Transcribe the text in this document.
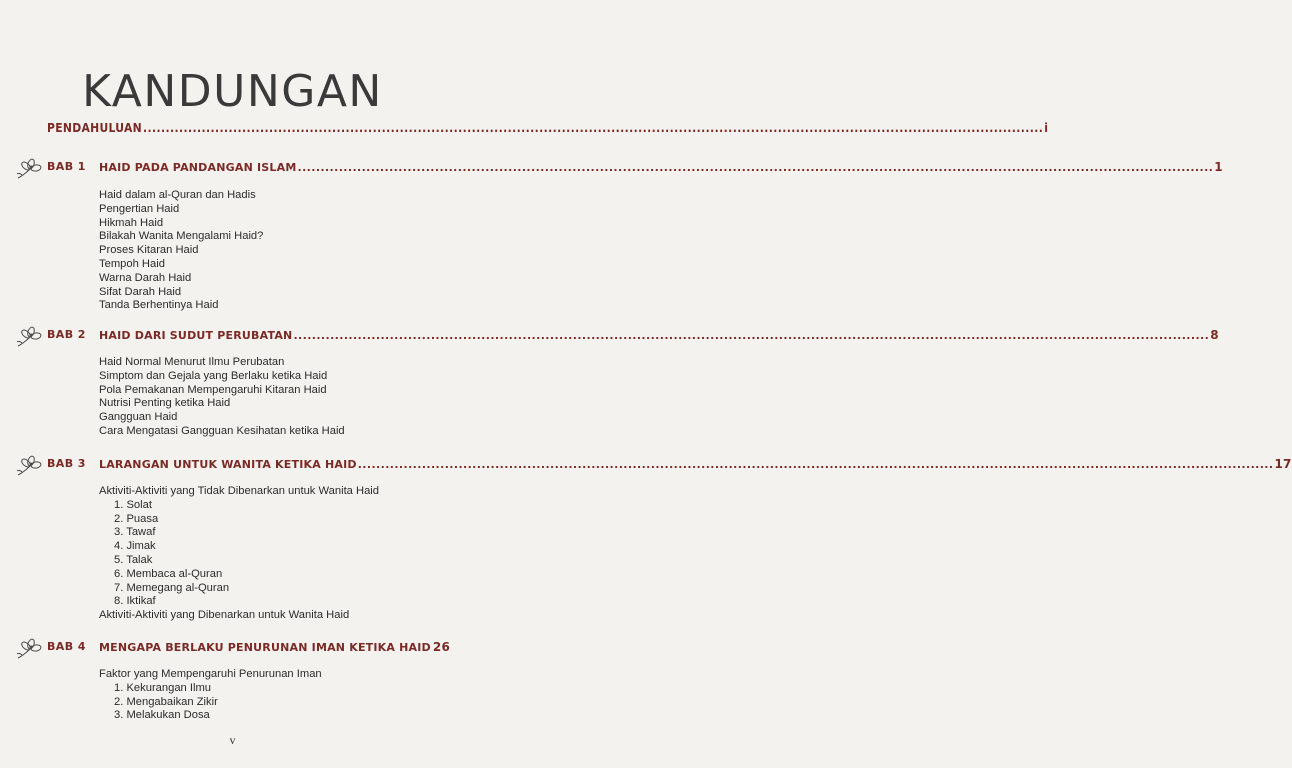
KANDUNGAN
PENDAHULUAN ........................................................................................................................................................................................................ i
BAB 1 HAID PADA PANDANGAN ISLAM ........................................................................................................................................................................................................ 1
Haid dalam al-Quran dan Hadis
Pengertian Haid
Hikmah Haid
Bilakah Wanita Mengalami Haid?
Proses Kitaran Haid
Tempoh Haid
Warna Darah Haid
Sifat Darah Haid
Tanda Berhentinya Haid
BAB 2 HAID DARI SUDUT PERUBATAN ........................................................................................................................................................................................................ 8
Haid Normal Menurut Ilmu Perubatan
Simptom dan Gejala yang Berlaku ketika Haid
Pola Pemakanan Mempengaruhi Kitaran Haid
Nutrisi Penting ketika Haid
Gangguan Haid
Cara Mengatasi Gangguan Kesihatan ketika Haid
BAB 3 LARANGAN UNTUK WANITA KETIKA HAID ........................................................................................................................................................................................................ 17
Aktiviti-Aktiviti yang Tidak Dibenarkan untuk Wanita Haid
1. Solat
2. Puasa
3. Tawaf
4. Jimak
5. Talak
6. Membaca al-Quran
7. Memegang al-Quran
8. Iktikaf
Aktiviti-Aktiviti yang Dibenarkan untuk Wanita Haid
BAB 4 MENGAPA BERLAKU PENURUNAN IMAN KETIKA HAID 26
Faktor yang Mempengaruhi Penurunan Iman
1. Kekurangan Ilmu
2. Mengabaikan Zikir
3. Melakukan Dosa
v
